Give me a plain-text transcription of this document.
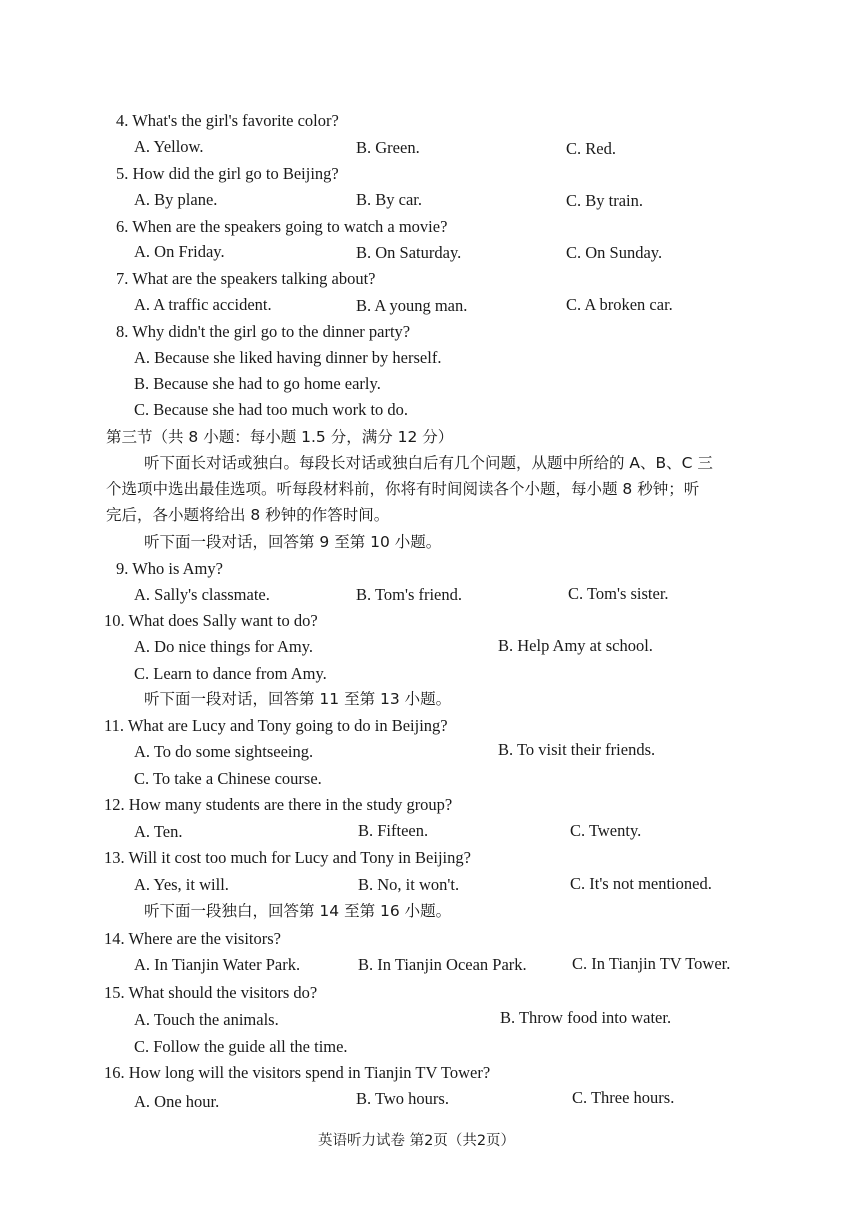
4. What's the girl's favorite color?
A. Yellow.	B. Green.	C. Red.
5. How did the girl go to Beijing?
A. By plane.	B. By car.	C. By train.
6. When are the speakers going to watch a movie?
A. On Friday.	B. On Saturday.	C. On Sunday.
7. What are the speakers talking about?
A. A traffic accident.	B. A young man.	C. A broken car.
8. Why didn't the girl go to the dinner party?
A. Because she liked having dinner by herself.
B. Because she had to go home early.
C. Because she had too much work to do.
第三节（共 8 小题：每小题 1.5 分，满分 12 分）
听下面长对话或独白。每段长对话或独白后有几个问题，从题中所给的 A、B、C 三
个选项中选出最佳选项。听每段材料前，你将有时间阅读各个小题，每小题 8 秒钟；听
完后，各小题将给出 8 秒钟的作答时间。
听下面一段对话，回答第 9 至第 10 小题。
9. Who is Amy?
A. Sally's classmate.	B. Tom's friend.	C. Tom's sister.
10. What does Sally want to do?
A. Do nice things for Amy.	B. Help Amy at school.
C. Learn to dance from Amy.
听下面一段对话，回答第 11 至第 13 小题。
11. What are Lucy and Tony going to do in Beijing?
A. To do some sightseeing.	B. To visit their friends.
C. To take a Chinese course.
12. How many students are there in the study group?
A. Ten.	B. Fifteen.	C. Twenty.
13. Will it cost too much for Lucy and Tony in Beijing?
A. Yes, it will.	B. No, it won't.	C. It's not mentioned.
听下面一段独白，回答第 14 至第 16 小题。
14. Where are the visitors?
A. In Tianjin Water Park.	B. In Tianjin Ocean Park.	C. In Tianjin TV Tower.
15. What should the visitors do?
A. Touch the animals.	B. Throw food into water.
C. Follow the guide all the time.
16. How long will the visitors spend in Tianjin TV Tower?
A. One hour.	B. Two hours.	C. Three hours.
英语听力试卷 第2页（共2页）
